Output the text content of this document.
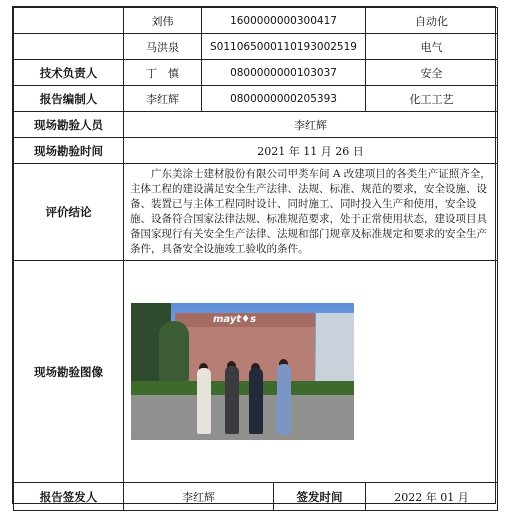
	刘伟	1600000000300417		自动化
	马洪泉	S011065000110193002519		电气
技术负责人	丁　慎	0800000000103037		安全
报告编制人	李红辉	0800000000205393		化工工艺
现场勘验人员	李红辉			
现场勘验时间	2021 年 11 月 26 日			
评价结论	广东美涂士建材股份有限公司甲类车间 A 改建项目的各类生产证照齐全，主体工程的建设满足安全生产法律、法规、标准、规范的要求，安全设施、设备、装置已与主体工程同时设计、同时施工、同时投入生产和使用，安全设施、设备符合国家法律法规、标准规范要求，处于正常使用状态，建设项目具备国家现行有关安全生产法律、法规和部门规章及标准规定和要求的安全生产条件，具备安全设施竣工验收的条件。			
现场勘验图像	mayt♦s			

报告签发人	李红辉		签发时间	2022 年 01 月
